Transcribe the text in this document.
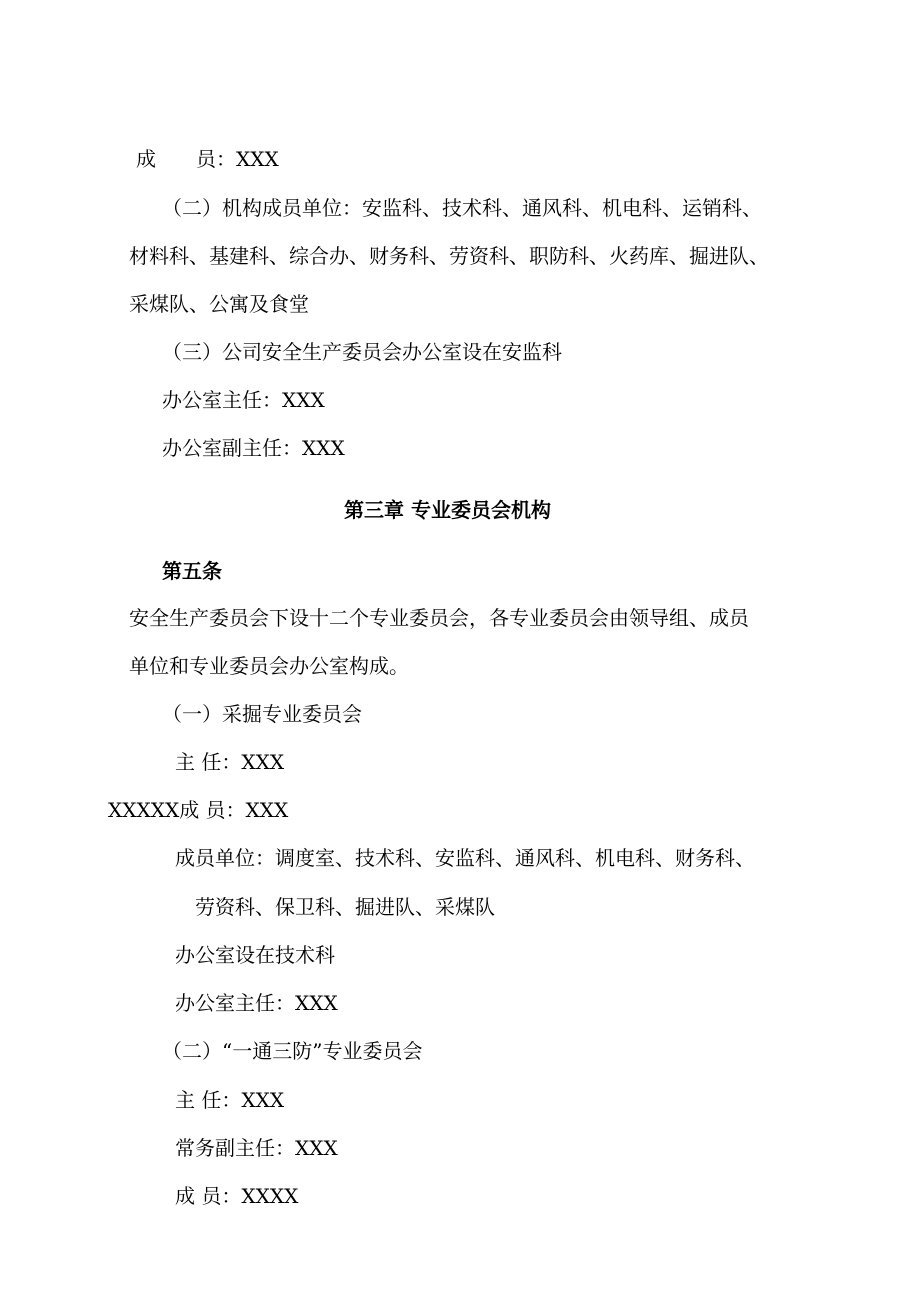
成　　员：XXX

（二）机构成员单位：安监科、技术科、通风科、机电科、运销科、

材料科、基建科、综合办、财务科、劳资科、职防科、火药库、掘进队、

采煤队、公寓及食堂

（三）公司安全生产委员会办公室设在安监科

办公室主任：XXX

办公室副主任：XXX

第三章 专业委员会机构

第五条

安全生产委员会下设十二个专业委员会，各专业委员会由领导组、成员

单位和专业委员会办公室构成。

（一）采掘专业委员会

主 任：XXX

XXXXX成 员：XXX

成员单位：调度室、技术科、安监科、通风科、机电科、财务科、

劳资科、保卫科、掘进队、采煤队

办公室设在技术科

办公室主任：XXX

（二）“一通三防”专业委员会

主 任：XXX

常务副主任：XXX

成 员：XXXX
